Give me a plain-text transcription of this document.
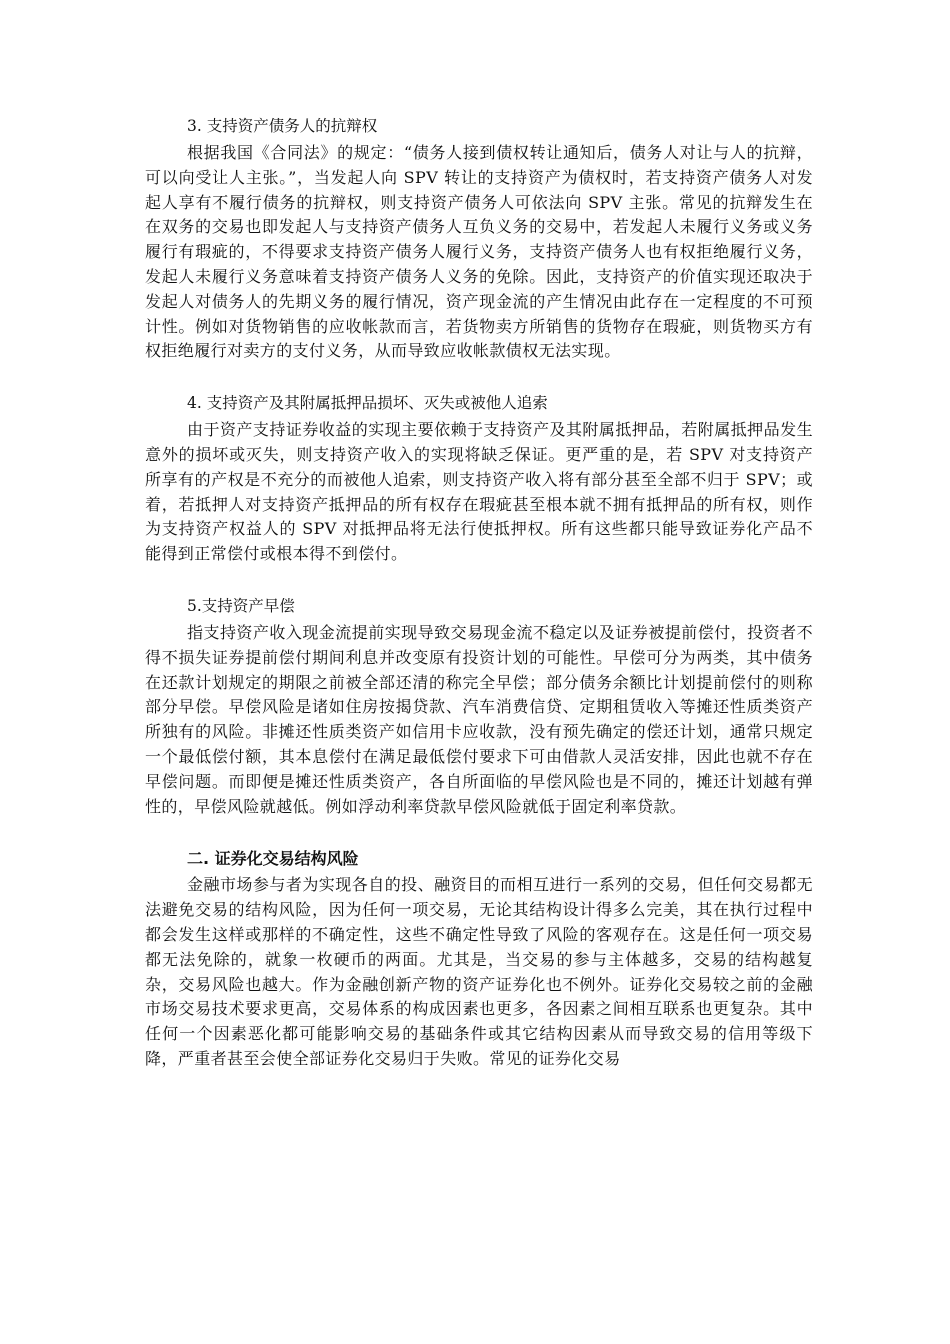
3. 支持资产债务人的抗辩权

根据我国《合同法》的规定：“债务人接到债权转让通知后，债务人对让与人的抗辩，可以向受让人主张。”，当发起人向 SPV 转让的支持资产为债权时，若支持资产债务人对发起人享有不履行债务的抗辩权，则支持资产债务人可依法向 SPV 主张。常见的抗辩发生在在双务的交易也即发起人与支持资产债务人互负义务的交易中，若发起人未履行义务或义务履行有瑕疵的，不得要求支持资产债务人履行义务，支持资产债务人也有权拒绝履行义务，发起人未履行义务意味着支持资产债务人义务的免除。因此，支持资产的价值实现还取决于发起人对债务人的先期义务的履行情况，资产现金流的产生情况由此存在一定程度的不可预计性。例如对货物销售的应收帐款而言，若货物卖方所销售的货物存在瑕疵，则货物买方有权拒绝履行对卖方的支付义务，从而导致应收帐款债权无法实现。

4. 支持资产及其附属抵押品损坏、灭失或被他人追索

由于资产支持证券收益的实现主要依赖于支持资产及其附属抵押品，若附属抵押品发生意外的损坏或灭失，则支持资产收入的实现将缺乏保证。更严重的是，若 SPV 对支持资产所享有的产权是不充分的而被他人追索，则支持资产收入将有部分甚至全部不归于 SPV；或着，若抵押人对支持资产抵押品的所有权存在瑕疵甚至根本就不拥有抵押品的所有权，则作为支持资产权益人的 SPV 对抵押品将无法行使抵押权。所有这些都只能导致证券化产品不能得到正常偿付或根本得不到偿付。

5.支持资产早偿

指支持资产收入现金流提前实现导致交易现金流不稳定以及证券被提前偿付，投资者不得不损失证券提前偿付期间利息并改变原有投资计划的可能性。早偿可分为两类，其中债务在还款计划规定的期限之前被全部还清的称完全早偿；部分债务余额比计划提前偿付的则称部分早偿。早偿风险是诸如住房按揭贷款、汽车消费信贷、定期租赁收入等摊还性质类资产所独有的风险。非摊还性质类资产如信用卡应收款，没有预先确定的偿还计划，通常只规定一个最低偿付额，其本息偿付在满足最低偿付要求下可由借款人灵活安排，因此也就不存在早偿问题。而即便是摊还性质类资产，各自所面临的早偿风险也是不同的，摊还计划越有弹性的，早偿风险就越低。例如浮动利率贷款早偿风险就低于固定利率贷款。

二. 证券化交易结构风险

金融市场参与者为实现各自的投、融资目的而相互进行一系列的交易，但任何交易都无法避免交易的结构风险，因为任何一项交易，无论其结构设计得多么完美，其在执行过程中都会发生这样或那样的不确定性，这些不确定性导致了风险的客观存在。这是任何一项交易都无法免除的，就象一枚硬币的两面。尤其是，当交易的参与主体越多，交易的结构越复杂，交易风险也越大。作为金融创新产物的资产证券化也不例外。证券化交易较之前的金融市场交易技术要求更高，交易体系的构成因素也更多，各因素之间相互联系也更复杂。其中任何一个因素恶化都可能影响交易的基础条件或其它结构因素从而导致交易的信用等级下降，严重者甚至会使全部证券化交易归于失败。常见的证券化交易
